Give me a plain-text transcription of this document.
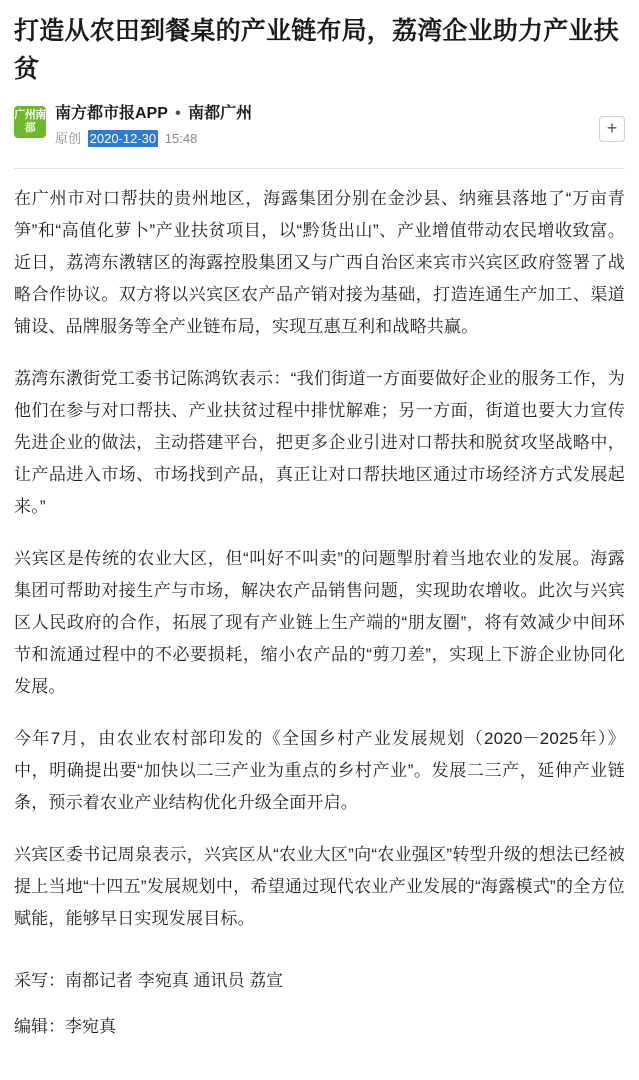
打造从农田到餐桌的产业链布局，荔湾企业助力产业扶贫
广州南都
南方都市报APP • 南都广州
原创 2020-12-30 15:48
+

在广州市对口帮扶的贵州地区，海露集团分别在金沙县、纳雍县落地了“万亩青笋”和“高值化萝卜”产业扶贫项目，以“黔货出山”、产业增值带动农民增收致富。近日，荔湾东漖辖区的海露控股集团又与广西自治区来宾市兴宾区政府签署了战略合作协议。双方将以兴宾区农产品产销对接为基础，打造连通生产加工、渠道铺设、品牌服务等全产业链布局，实现互惠互利和战略共赢。

荔湾东漖街党工委书记陈鸿钦表示：“我们街道一方面要做好企业的服务工作，为他们在参与对口帮扶、产业扶贫过程中排忧解难；另一方面，街道也要大力宣传先进企业的做法，主动搭建平台，把更多企业引进对口帮扶和脱贫攻坚战略中，让产品进入市场、市场找到产品，真正让对口帮扶地区通过市场经济方式发展起来。”

兴宾区是传统的农业大区，但“叫好不叫卖”的问题掣肘着当地农业的发展。海露集团可帮助对接生产与市场，解决农产品销售问题，实现助农增收。此次与兴宾区人民政府的合作，拓展了现有产业链上生产端的“朋友圈”，将有效减少中间环节和流通过程中的不必要损耗，缩小农产品的“剪刀差”，实现上下游企业协同化发展。

今年7月，由农业农村部印发的《全国乡村产业发展规划（2020－2025年）》中，明确提出要“加快以二三产业为重点的乡村产业”。发展二三产，延伸产业链条，预示着农业产业结构优化升级全面开启。

兴宾区委书记周泉表示，兴宾区从“农业大区”向“农业强区”转型升级的想法已经被提上当地“十四五”发展规划中，希望通过现代农业产业发展的“海露模式”的全方位赋能，能够早日实现发展目标。

采写：南都记者 李宛真 通讯员 荔宣

编辑：李宛真
